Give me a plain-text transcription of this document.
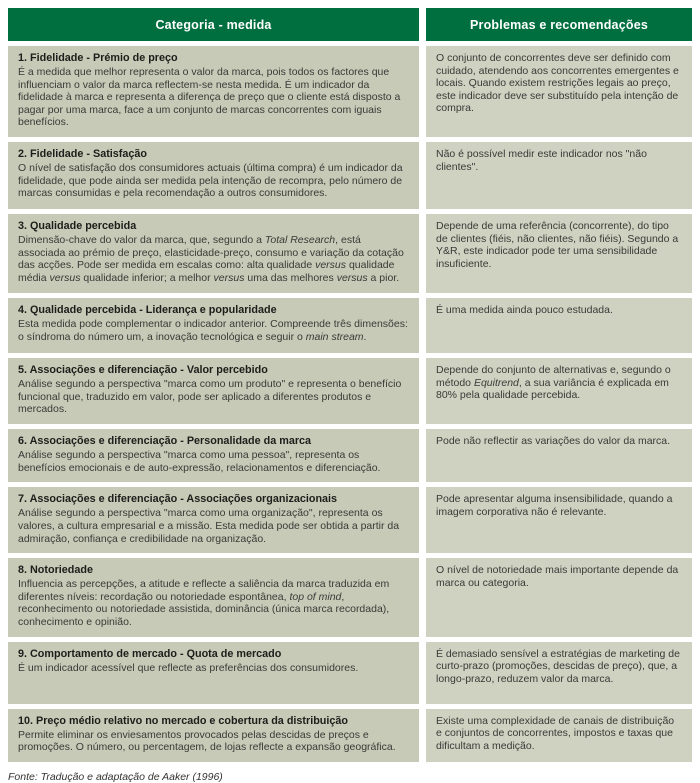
Categoria - medida	Problemas e recomendações
1. Fidelidade - Prémio de preço
É a medida que melhor representa o valor da marca, pois todos os factores que influenciam o valor da marca reflectem-se nesta medida. É um indicador da fidelidade à marca e representa a diferença de preço que o cliente está disposto a pagar por uma marca, face a um conjunto de marcas concorrentes com iguais benefícios.
O conjunto de concorrentes deve ser definido com cuidado, atendendo aos concorrentes emergentes e locais. Quando existem restrições legais ao preço, este indicador deve ser substituído pela intenção de compra.
2. Fidelidade - Satisfação
O nível de satisfação dos consumidores actuais (última compra) é um indicador da fidelidade, que pode ainda ser medida pela intenção de recompra, pelo número de marcas consumidas e pela recomendação a outros consumidores.
Não é possível medir este indicador nos "não clientes".
3. Qualidade percebida
Dimensão-chave do valor da marca, que, segundo a Total Research, está associada ao prémio de preço, elasticidade-preço, consumo e variação da cotação das acções. Pode ser medida em escalas como: alta qualidade versus qualidade média versus qualidade inferior; a melhor versus uma das melhores versus a pior.
Depende de uma referência (concorrente), do tipo de clientes (fiéis, não clientes, não fiéis). Segundo a Y&R, este indicador pode ter uma sensibilidade insuficiente.
4. Qualidade percebida - Liderança e popularidade
Esta medida pode complementar o indicador anterior. Compreende três dimensões: o síndroma do número um, a inovação tecnológica e seguir o main stream.
É uma medida ainda pouco estudada.
5. Associações e diferenciação - Valor percebido
Análise segundo a perspectiva "marca como um produto" e representa o benefício funcional que, traduzido em valor, pode ser aplicado a diferentes produtos e mercados.
Depende do conjunto de alternativas e, segundo o método Equitrend, a sua variância é explicada em 80% pela qualidade percebida.
6. Associações e diferenciação - Personalidade da marca
Análise segundo a perspectiva "marca como uma pessoa", representa os benefícios emocionais e de auto-expressão, relacionamentos e diferenciação.
Pode não reflectir as variações do valor da marca.
7. Associações e diferenciação - Associações organizacionais
Análise segundo a perspectiva "marca como uma organização", representa os valores, a cultura empresarial e a missão. Esta medida pode ser obtida a partir da admiração, confiança e credibilidade na organização.
Pode apresentar alguma insensibilidade, quando a imagem corporativa não é relevante.
8. Notoriedade
Influencia as percepções, a atitude e reflecte a saliência da marca traduzida em diferentes níveis: recordação ou notoriedade espontânea, top of mind, reconhecimento ou notoriedade assistida, dominância (única marca recordada), conhecimento e opinião.
O nível de notoriedade mais importante depende da marca ou categoria.
9. Comportamento de mercado - Quota de mercado
É um indicador acessível que reflecte as preferências dos consumidores.
É demasiado sensível a estratégias de marketing de curto-prazo (promoções, descidas de preço), que, a longo-prazo, reduzem valor da marca.
10. Preço médio relativo no mercado e cobertura da distribuição
Permite eliminar os enviesamentos provocados pelas descidas de preços e promoções. O número, ou percentagem, de lojas reflecte a expansão geográfica.
Existe uma complexidade de canais de distribuição e conjuntos de concorrentes, impostos e taxas que dificultam a medição.
Fonte: Tradução e adaptação de Aaker (1996)
